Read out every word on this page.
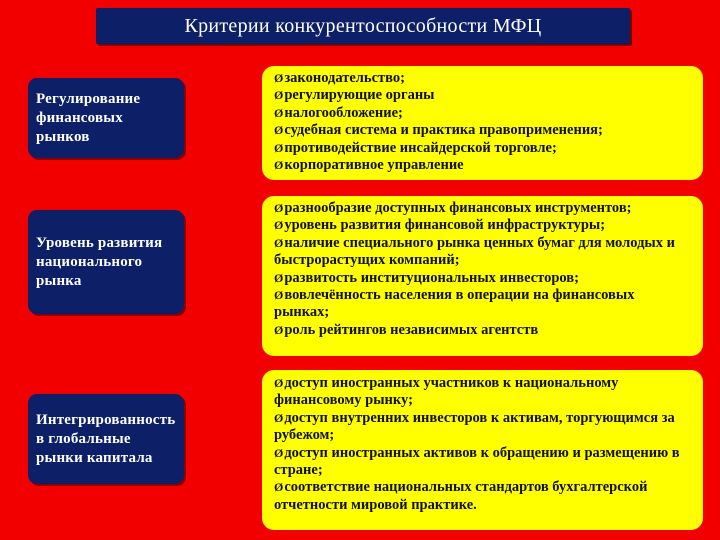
Критерии конкурентоспособности МФЦ
Регулирование финансовых рынков
Øзаконодательство;
Øрегулирующие органы
Øналогообложение;
Øсудебная система и практика правоприменения;
Øпротиводействие инсайдерской торговле;
Øкорпоративное управление
Уровень развития национального рынка
Øразнообразие доступных финансовых инструментов;
Øуровень развития финансовой инфраструктуры;
Øналичие специального рынка ценных бумаг для молодых и быстрорастущих компаний;
Øразвитость институциональных инвесторов;
Øвовлечённость населения в операции на финансовых рынках;
Øроль рейтингов независимых агентств
Интегрированность в глобальные рынки капитала
Øдоступ иностранных участников к национальному финансовому рынку;
Øдоступ внутренних инвесторов к активам, торгующимся за рубежом;
Øдоступ иностранных активов к обращению и размещению в стране;
Øсоответствие национальных стандартов бухгалтерской отчетности мировой практике.
